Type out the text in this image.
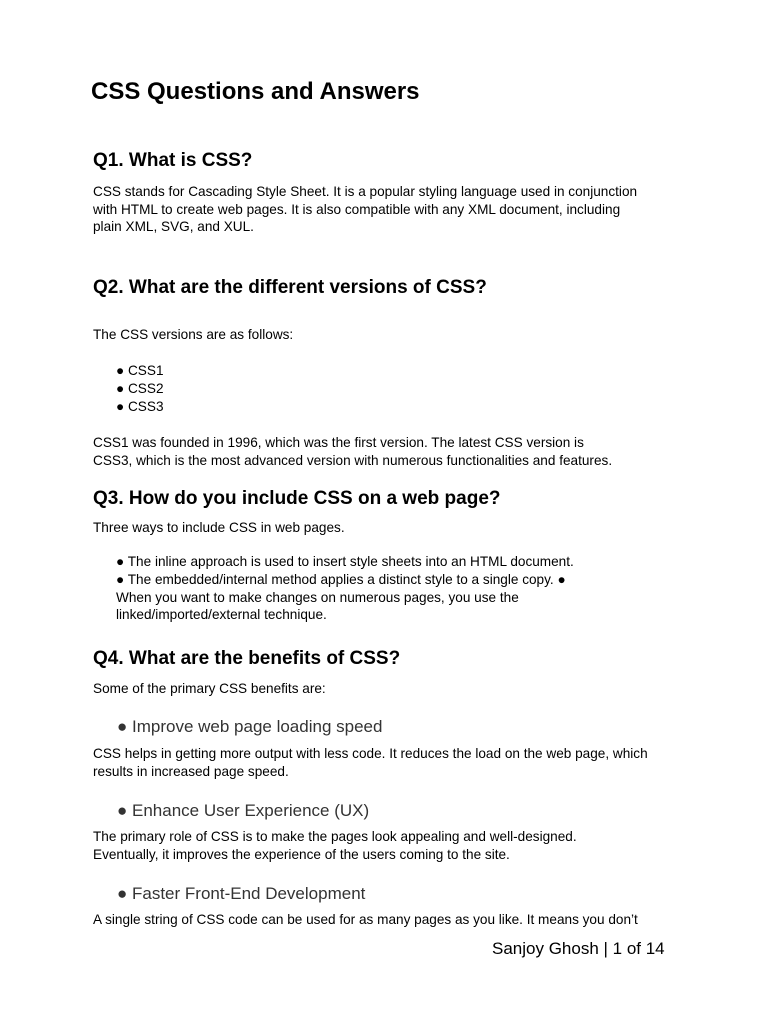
CSS Questions and Answers
Q1. What is CSS?
CSS stands for Cascading Style Sheet. It is a popular styling language used in conjunction
with HTML to create web pages. It is also compatible with any XML document, including
plain XML, SVG, and XUL.
Q2. What are the different versions of CSS?
The CSS versions are as follows:
● CSS1
● CSS2
● CSS3
CSS1 was founded in 1996, which was the first version. The latest CSS version is
CSS3, which is the most advanced version with numerous functionalities and features.
Q3. How do you include CSS on a web page?
Three ways to include CSS in web pages.
● The inline approach is used to insert style sheets into an HTML document.
● The embedded/internal method applies a distinct style to a single copy. ●
When you want to make changes on numerous pages, you use the
linked/imported/external technique.
Q4. What are the benefits of CSS?
Some of the primary CSS benefits are:
● Improve web page loading speed
CSS helps in getting more output with less code. It reduces the load on the web page, which
results in increased page speed.
● Enhance User Experience (UX)
The primary role of CSS is to make the pages look appealing and well-designed.
Eventually, it improves the experience of the users coming to the site.
● Faster Front-End Development
A single string of CSS code can be used for as many pages as you like. It means you don’t
Sanjoy Ghosh | 1 of 14
